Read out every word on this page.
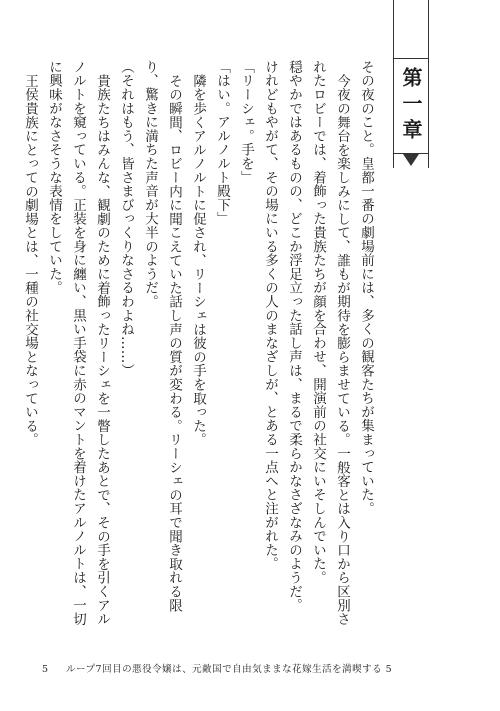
第一章

その夜のこと。皇都一番の劇場前には、多くの観客たちが集まっていた。

今夜の舞台を楽しみにして、誰もが期待を膨らませている。一般客とは入り口から区別されたロビーでは、着飾った貴族たちが顔を合わせ、開演前の社交にいそしんでいた。

穏やかではあるものの、どこか浮足立った話し声は、まるで柔らかなさざなみのようだ。

けれどもやがて、その場にいる多くの人のまなざしが、とある一点へと注がれた。

「リーシェ。手を」

「はい。アルノルト殿下」

隣を歩くアルノルトに促され、リーシェは彼の手を取った。

その瞬間、ロビー内に聞こえていた話し声の質が変わる。リーシェの耳で聞き取れる限り、驚きに満ちた声音が大半のようだ。

（それはもう、皆さまびっくりなさるわよね……）

貴族たちはみんな、観劇のために着飾ったリーシェを一瞥したあとで、その手を引くアルノルトを窺っている。正装を身に纏い、黒い手袋に赤のマントを着けたアルノルトは、一切に興味がなさそうな表情をしていた。

王侯貴族にとっての劇場とは、一種の社交場となっている。

5 ループ7回目の悪役令嬢は、元敵国で自由気ままな花嫁生活を満喫する 5
